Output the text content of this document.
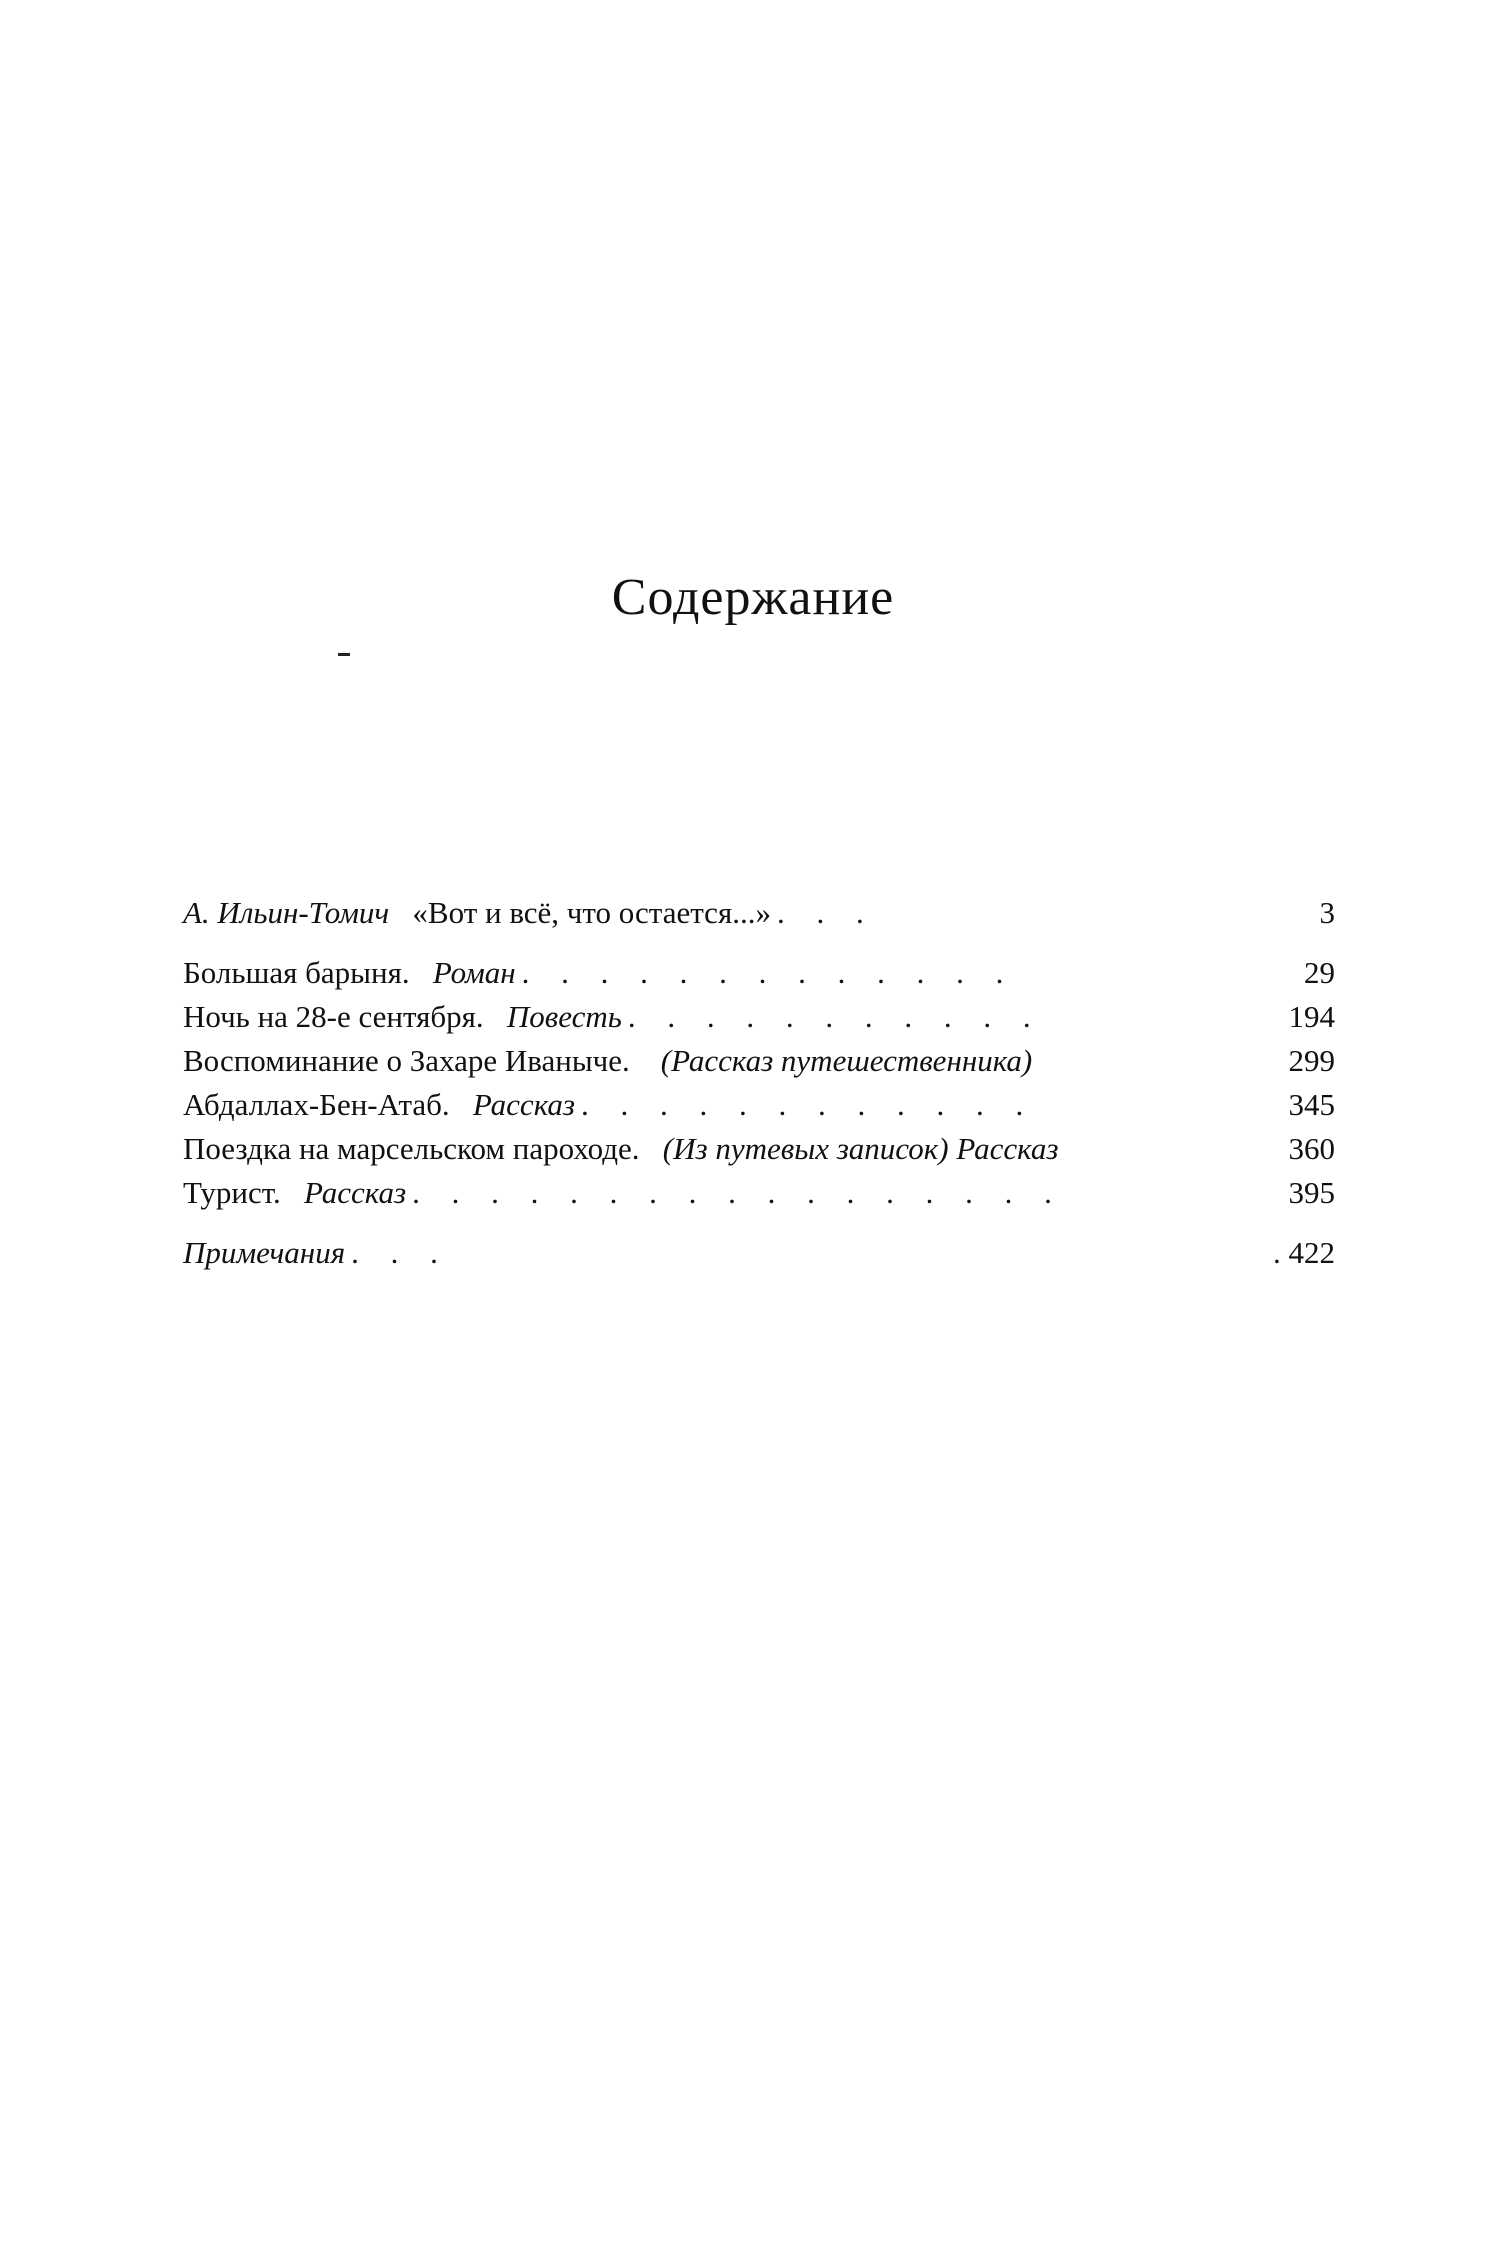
Содержание
А. Ильин-Томич «Вот и всё, что остается...» . . .	3
Большая барыня. Роман . . . . . . . . . . . . .	29
Ночь на 28-е сентября. Повесть . . . . . . . . . . .	194
Воспоминание о Захаре Иваныче. (Рассказ путешественника)	299
Абдаллах-Бен-Атаб. Рассказ . . . . . . . . . . . .	345
Поездка на марсельском пароходе. (Из путевых записок) Рассказ	360
Турист. Рассказ . . . . . . . . . . . . . . . . .	395
Примечания . . .	. 422
